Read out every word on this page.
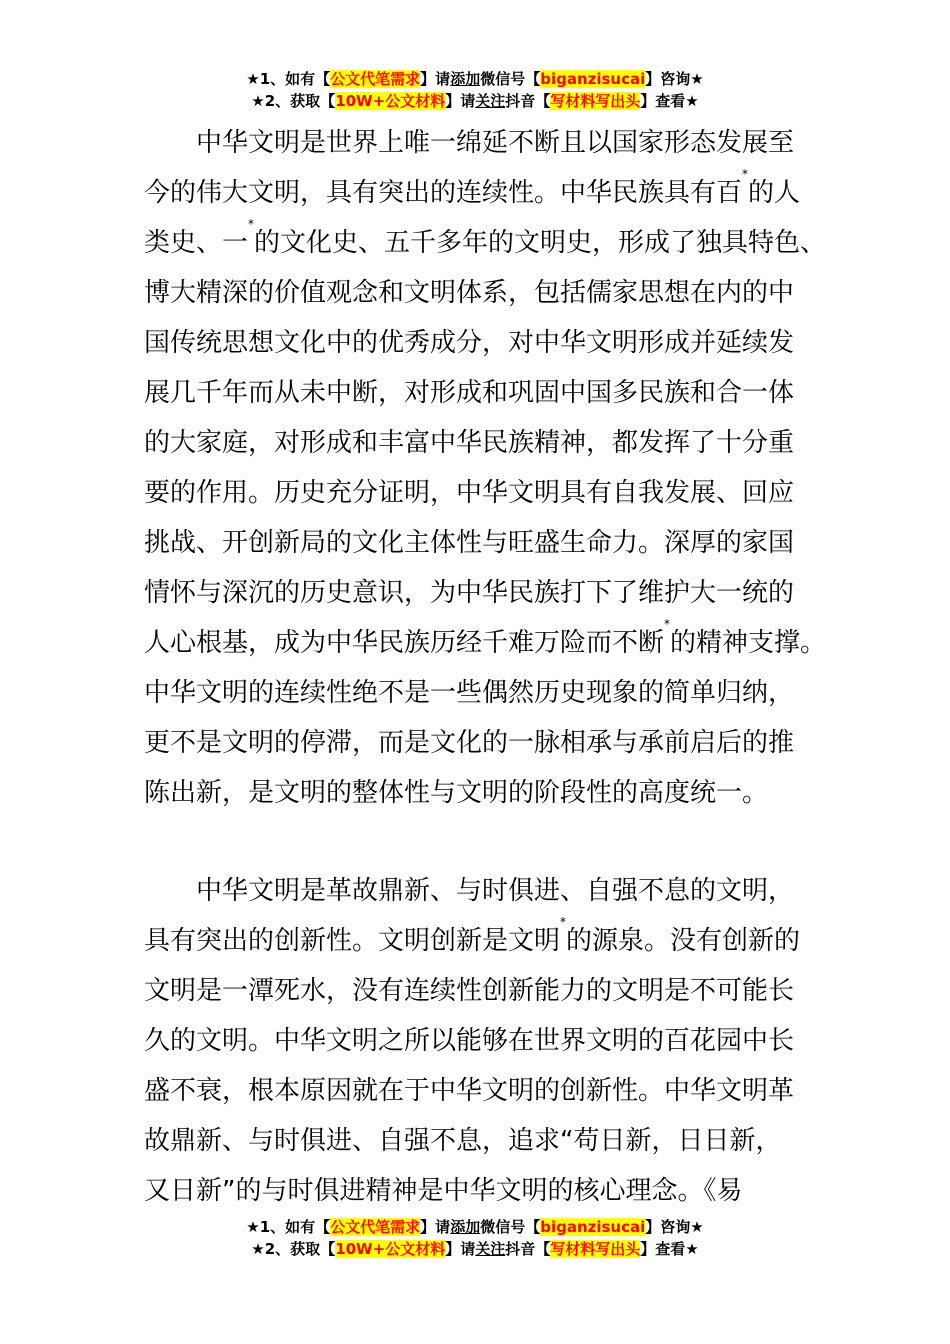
★1、如有【公文代笔需求】请添加微信号【biganzisucai】咨询★
★2、获取【10W+公文材料】请关注抖音【写材料写出头】查看★
中华文明是世界上唯一绵延不断且以国家形态发展至
今的伟大文明，具有突出的连续性。中华民族具有百*的人
类史、一*的文化史、五千多年的文明史，形成了独具特色、
博大精深的价值观念和文明体系，包括儒家思想在内的中
国传统思想文化中的优秀成分，对中华文明形成并延续发
展几千年而从未中断，对形成和巩固中国多民族和合一体
的大家庭，对形成和丰富中华民族精神，都发挥了十分重
要的作用。历史充分证明，中华文明具有自我发展、回应
挑战、开创新局的文化主体性与旺盛生命力。深厚的家国
情怀与深沉的历史意识，为中华民族打下了维护大一统的
人心根基，成为中华民族历经千难万险而不断*的精神支撑。
中华文明的连续性绝不是一些偶然历史现象的简单归纳，
更不是文明的停滞，而是文化的一脉相承与承前启后的推
陈出新，是文明的整体性与文明的阶段性的高度统一。
中华文明是革故鼎新、与时俱进、自强不息的文明，
具有突出的创新性。文明创新是文明*的源泉。没有创新的
文明是一潭死水，没有连续性创新能力的文明是不可能长
久的文明。中华文明之所以能够在世界文明的百花园中长
盛不衰，根本原因就在于中华文明的创新性。中华文明革
故鼎新、与时俱进、自强不息，追求“苟日新，日日新，
又日新”的与时俱进精神是中华文明的核心理念。《易
★1、如有【公文代笔需求】请添加微信号【biganzisucai】咨询★
★2、获取【10W+公文材料】请关注抖音【写材料写出头】查看★
